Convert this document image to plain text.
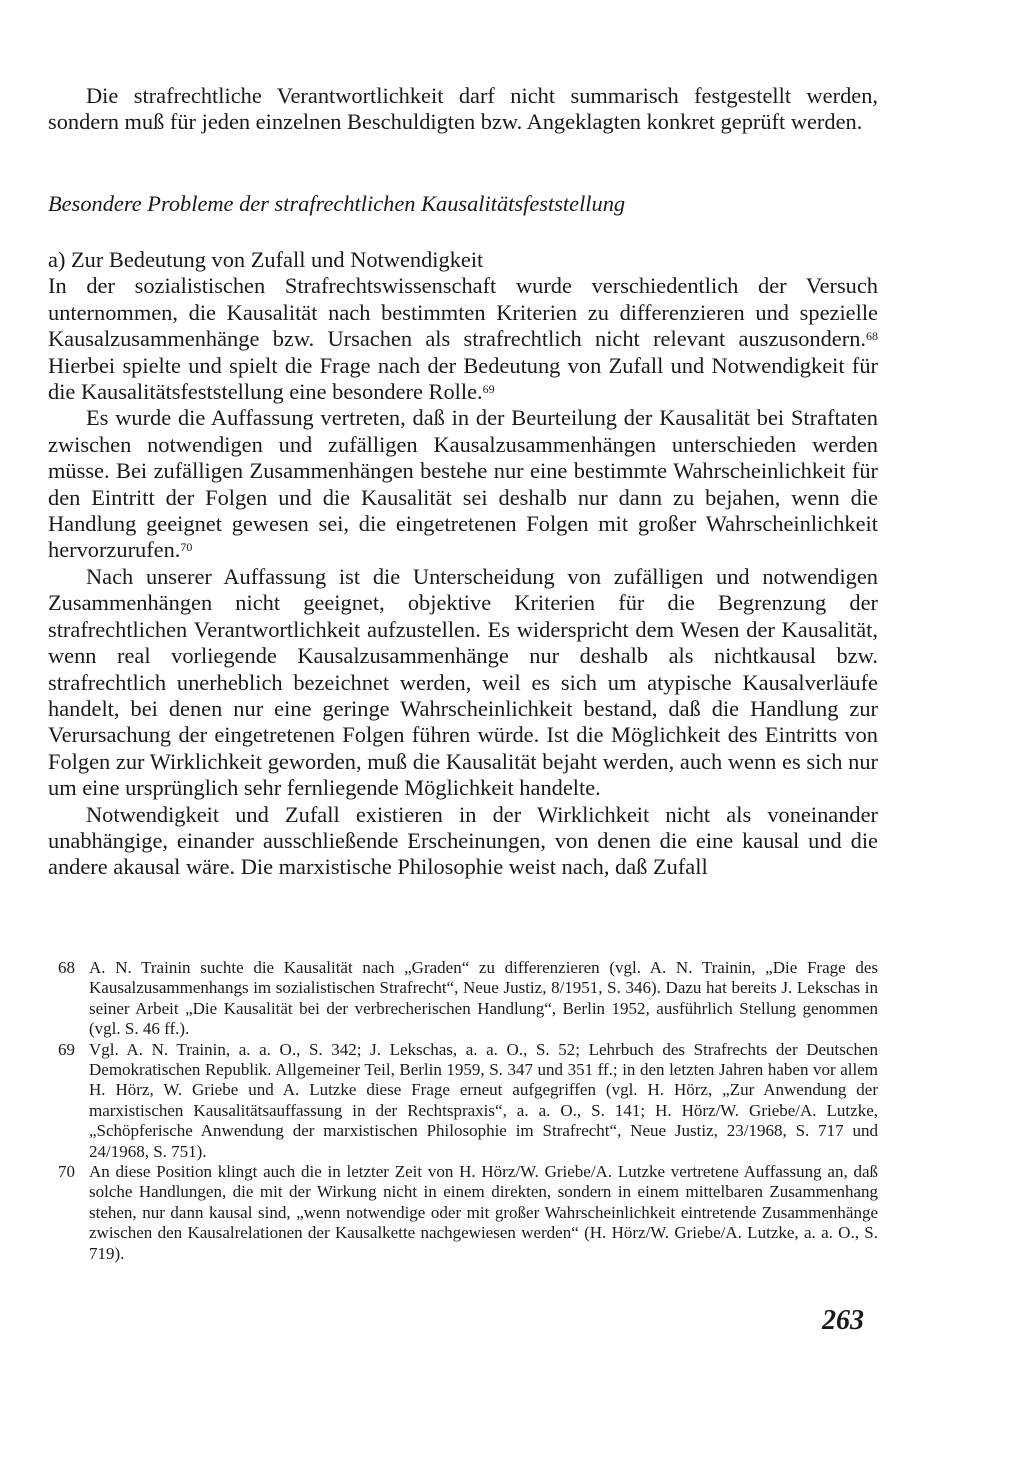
Die strafrechtliche Verantwortlichkeit darf nicht summarisch festgestellt werden, sondern muß für jeden einzelnen Beschuldigten bzw. Angeklagten konkret geprüft werden.

Besondere Probleme der strafrechtlichen Kausalitätsfeststellung

a) Zur Bedeutung von Zufall und Notwendigkeit

In der sozialistischen Strafrechtswissenschaft wurde verschiedentlich der Versuch unternommen, die Kausalität nach bestimmten Kriterien zu differenzieren und spezielle Kausalzusammenhänge bzw. Ursachen als strafrechtlich nicht relevant auszusondern.$^{68}$ Hierbei spielte und spielt die Frage nach der Bedeutung von Zufall und Notwendigkeit für die Kausalitätsfeststellung eine besondere Rolle.$^{69}$

Es wurde die Auffassung vertreten, daß in der Beurteilung der Kausalität bei Straftaten zwischen notwendigen und zufälligen Kausalzusammenhängen unterschieden werden müsse. Bei zufälligen Zusammenhängen bestehe nur eine bestimmte Wahrscheinlichkeit für den Eintritt der Folgen und die Kausalität sei deshalb nur dann zu bejahen, wenn die Handlung geeignet gewesen sei, die eingetretenen Folgen mit großer Wahrscheinlichkeit hervorzurufen.$^{70}$

Nach unserer Auffassung ist die Unterscheidung von zufälligen und notwendigen Zusammenhängen nicht geeignet, objektive Kriterien für die Begrenzung der strafrechtlichen Verantwortlichkeit aufzustellen. Es widerspricht dem Wesen der Kausalität, wenn real vorliegende Kausalzusammenhänge nur deshalb als nichtkausal bzw. strafrechtlich unerheblich bezeichnet werden, weil es sich um atypische Kausalverläufe handelt, bei denen nur eine geringe Wahrscheinlichkeit bestand, daß die Handlung zur Verursachung der eingetretenen Folgen führen würde. Ist die Möglichkeit des Eintritts von Folgen zur Wirklichkeit geworden, muß die Kausalität bejaht werden, auch wenn es sich nur um eine ursprünglich sehr fernliegende Möglichkeit handelte.

Notwendigkeit und Zufall existieren in der Wirklichkeit nicht als voneinander unabhängige, einander ausschließende Erscheinungen, von denen die eine kausal und die andere akausal wäre. Die marxistische Philosophie weist nach, daß Zufall

68 A. N. Trainin suchte die Kausalität nach „Graden“ zu differenzieren (vgl. A. N. Trainin, „Die Frage des Kausalzusammenhangs im sozialistischen Strafrecht“, Neue Justiz, 8/1951, S. 346). Dazu hat bereits J. Lekschas in seiner Arbeit „Die Kausalität bei der verbrecherischen Handlung“, Berlin 1952, ausführlich Stellung genommen (vgl. S. 46 ff.).
69 Vgl. A. N. Trainin, a. a. O., S. 342; J. Lekschas, a. a. O., S. 52; Lehrbuch des Strafrechts der Deutschen Demokratischen Republik. Allgemeiner Teil, Berlin 1959, S. 347 und 351 ff.; in den letzten Jahren haben vor allem H. Hörz, W. Griebe und A. Lutzke diese Frage erneut aufgegriffen (vgl. H. Hörz, „Zur Anwendung der marxistischen Kausalitätsauffassung in der Rechtspraxis“, a. a. O., S. 141; H. Hörz/W. Griebe/A. Lutzke, „Schöpferische Anwendung der marxistischen Philosophie im Strafrecht“, Neue Justiz, 23/1968, S. 717 und 24/1968, S. 751).
70 An diese Position klingt auch die in letzter Zeit von H. Hörz/W. Griebe/A. Lutzke vertretene Auffassung an, daß solche Handlungen, die mit der Wirkung nicht in einem direkten, sondern in einem mittelbaren Zusammenhang stehen, nur dann kausal sind, „wenn notwendige oder mit großer Wahrscheinlichkeit eintretende Zusammenhänge zwischen den Kausalrelationen der Kausalkette nachgewiesen werden“ (H. Hörz/W. Griebe/A. Lutzke, a. a. O., S. 719).
263
